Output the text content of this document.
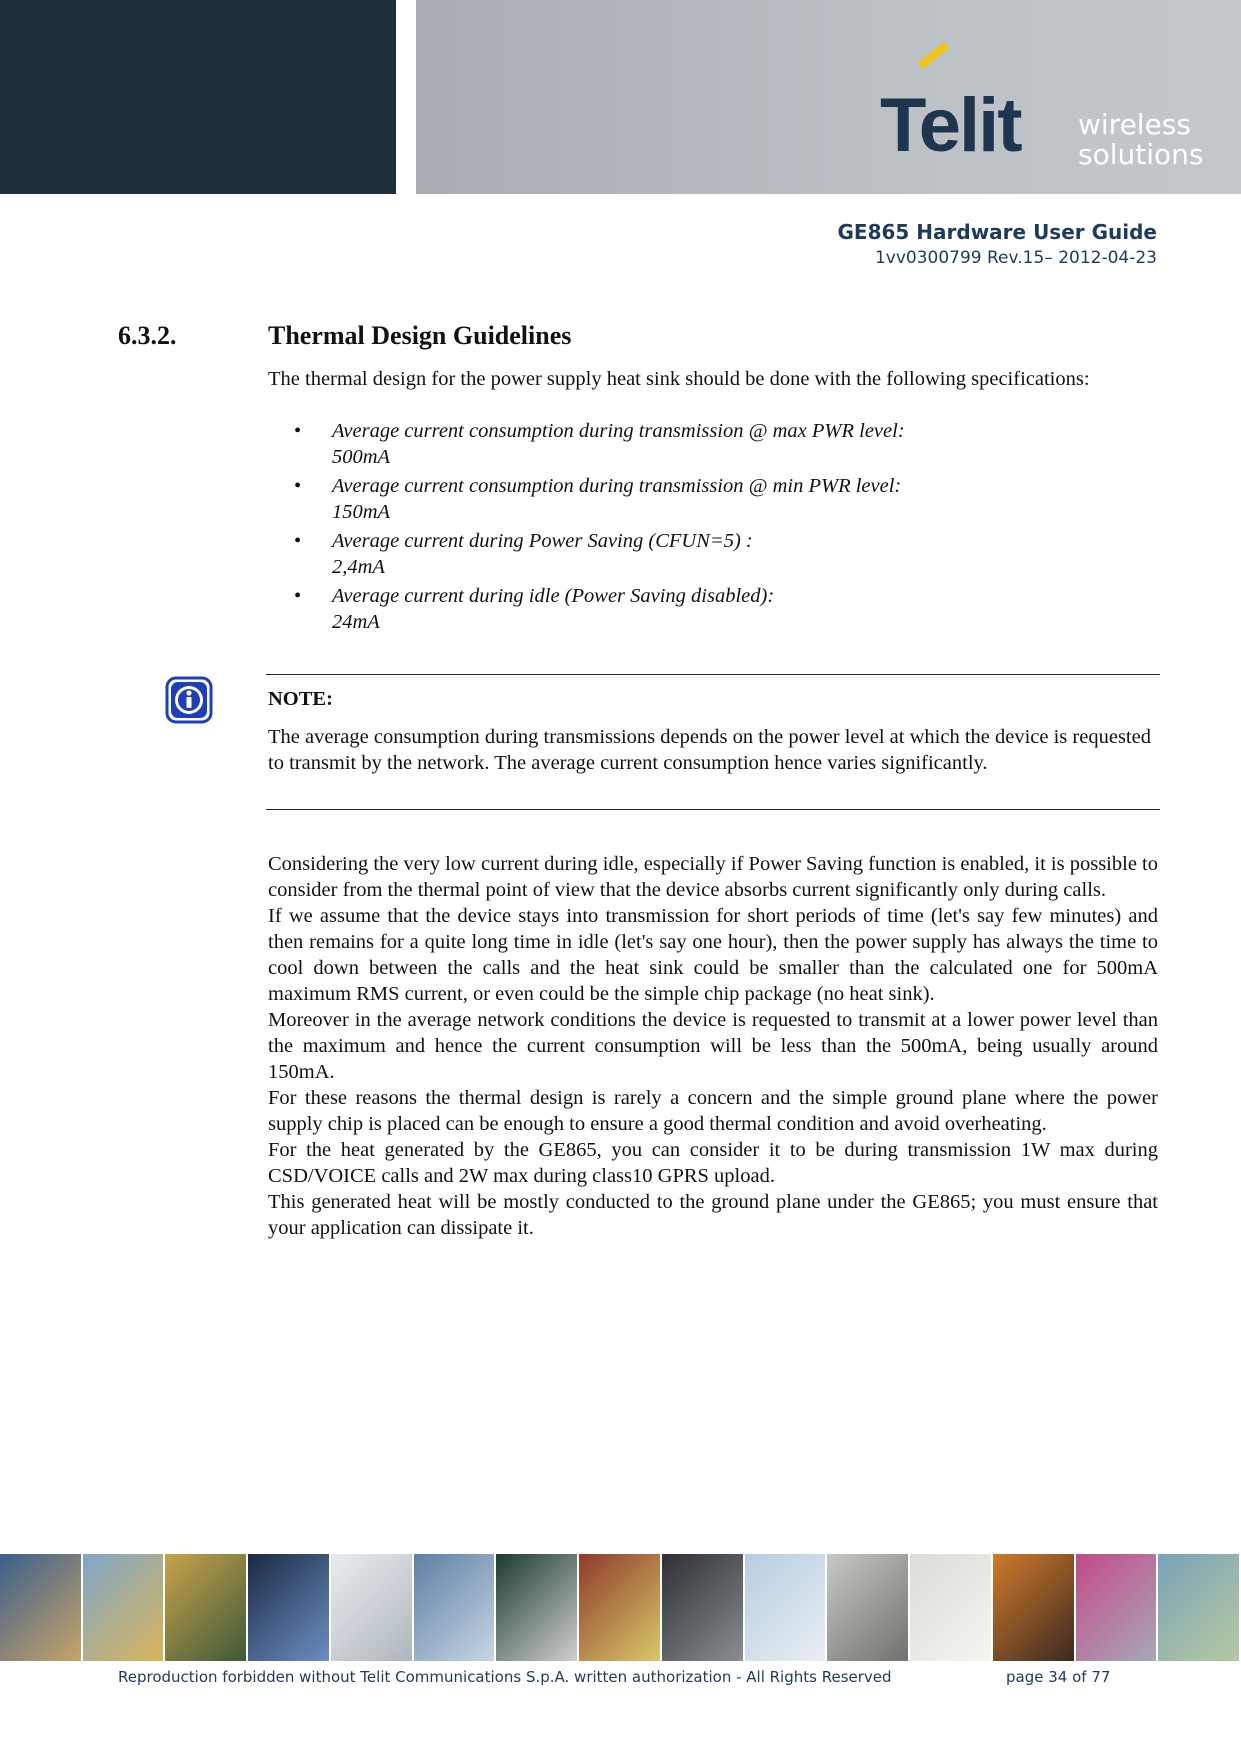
Telit wireless
solutions
GE865 Hardware User Guide
1vv0300799 Rev.15– 2012-04-23
6.3.2.	Thermal Design Guidelines
The thermal design for the power supply heat sink should be done with the following specifications:
• Average current consumption during transmission @ max PWR level:
500mA
• Average current consumption during transmission @ min PWR level:
150mA
• Average current during Power Saving (CFUN=5) :
2,4mA
• Average current during idle (Power Saving disabled):
24mA
NOTE:
The average consumption during transmissions depends on the power level at which the device is requested to transmit by the network. The average current consumption hence varies significantly.

Considering the very low current during idle, especially if Power Saving function is enabled, it is possible to consider from the thermal point of view that the device absorbs current significantly only during calls.

If we assume that the device stays into transmission for short periods of time (let's say few minutes) and then remains for a quite long time in idle (let's say one hour), then the power supply has always the time to cool down between the calls and the heat sink could be smaller than the calculated one for 500mA maximum RMS current, or even could be the simple chip package (no heat sink).

Moreover in the average network conditions the device is requested to transmit at a lower power level than the maximum and hence the current consumption will be less than the 500mA, being usually around 150mA.

For these reasons the thermal design is rarely a concern and the simple ground plane where the power supply chip is placed can be enough to ensure a good thermal condition and avoid overheating.

For the heat generated by the GE865, you can consider it to be during transmission 1W max during CSD/VOICE calls and 2W max during class10 GPRS upload.

This generated heat will be mostly conducted to the ground plane under the GE865; you must ensure that your application can dissipate it.

Reproduction forbidden without Telit Communications S.p.A. written authorization - All Rights Reserved	page 34 of 77
